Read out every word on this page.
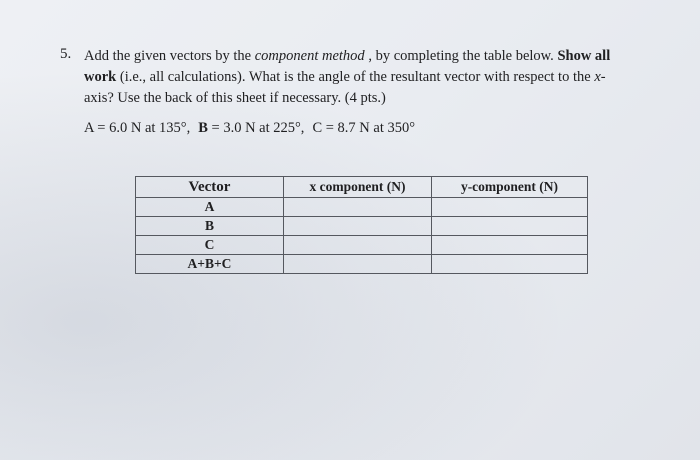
5. Add the given vectors by the component method , by completing the table below. Show all work (i.e., all calculations). What is the angle of the resultant vector with respect to the x-
axis? Use the back of this sheet if necessary. (4 pts.)

A = 6.0 N at 135°, B = 3.0 N at 225°, C = 8.7 N at 350°
Vector	x component (N)	y-component (N)
A		
B		
C		
A+B+C		
